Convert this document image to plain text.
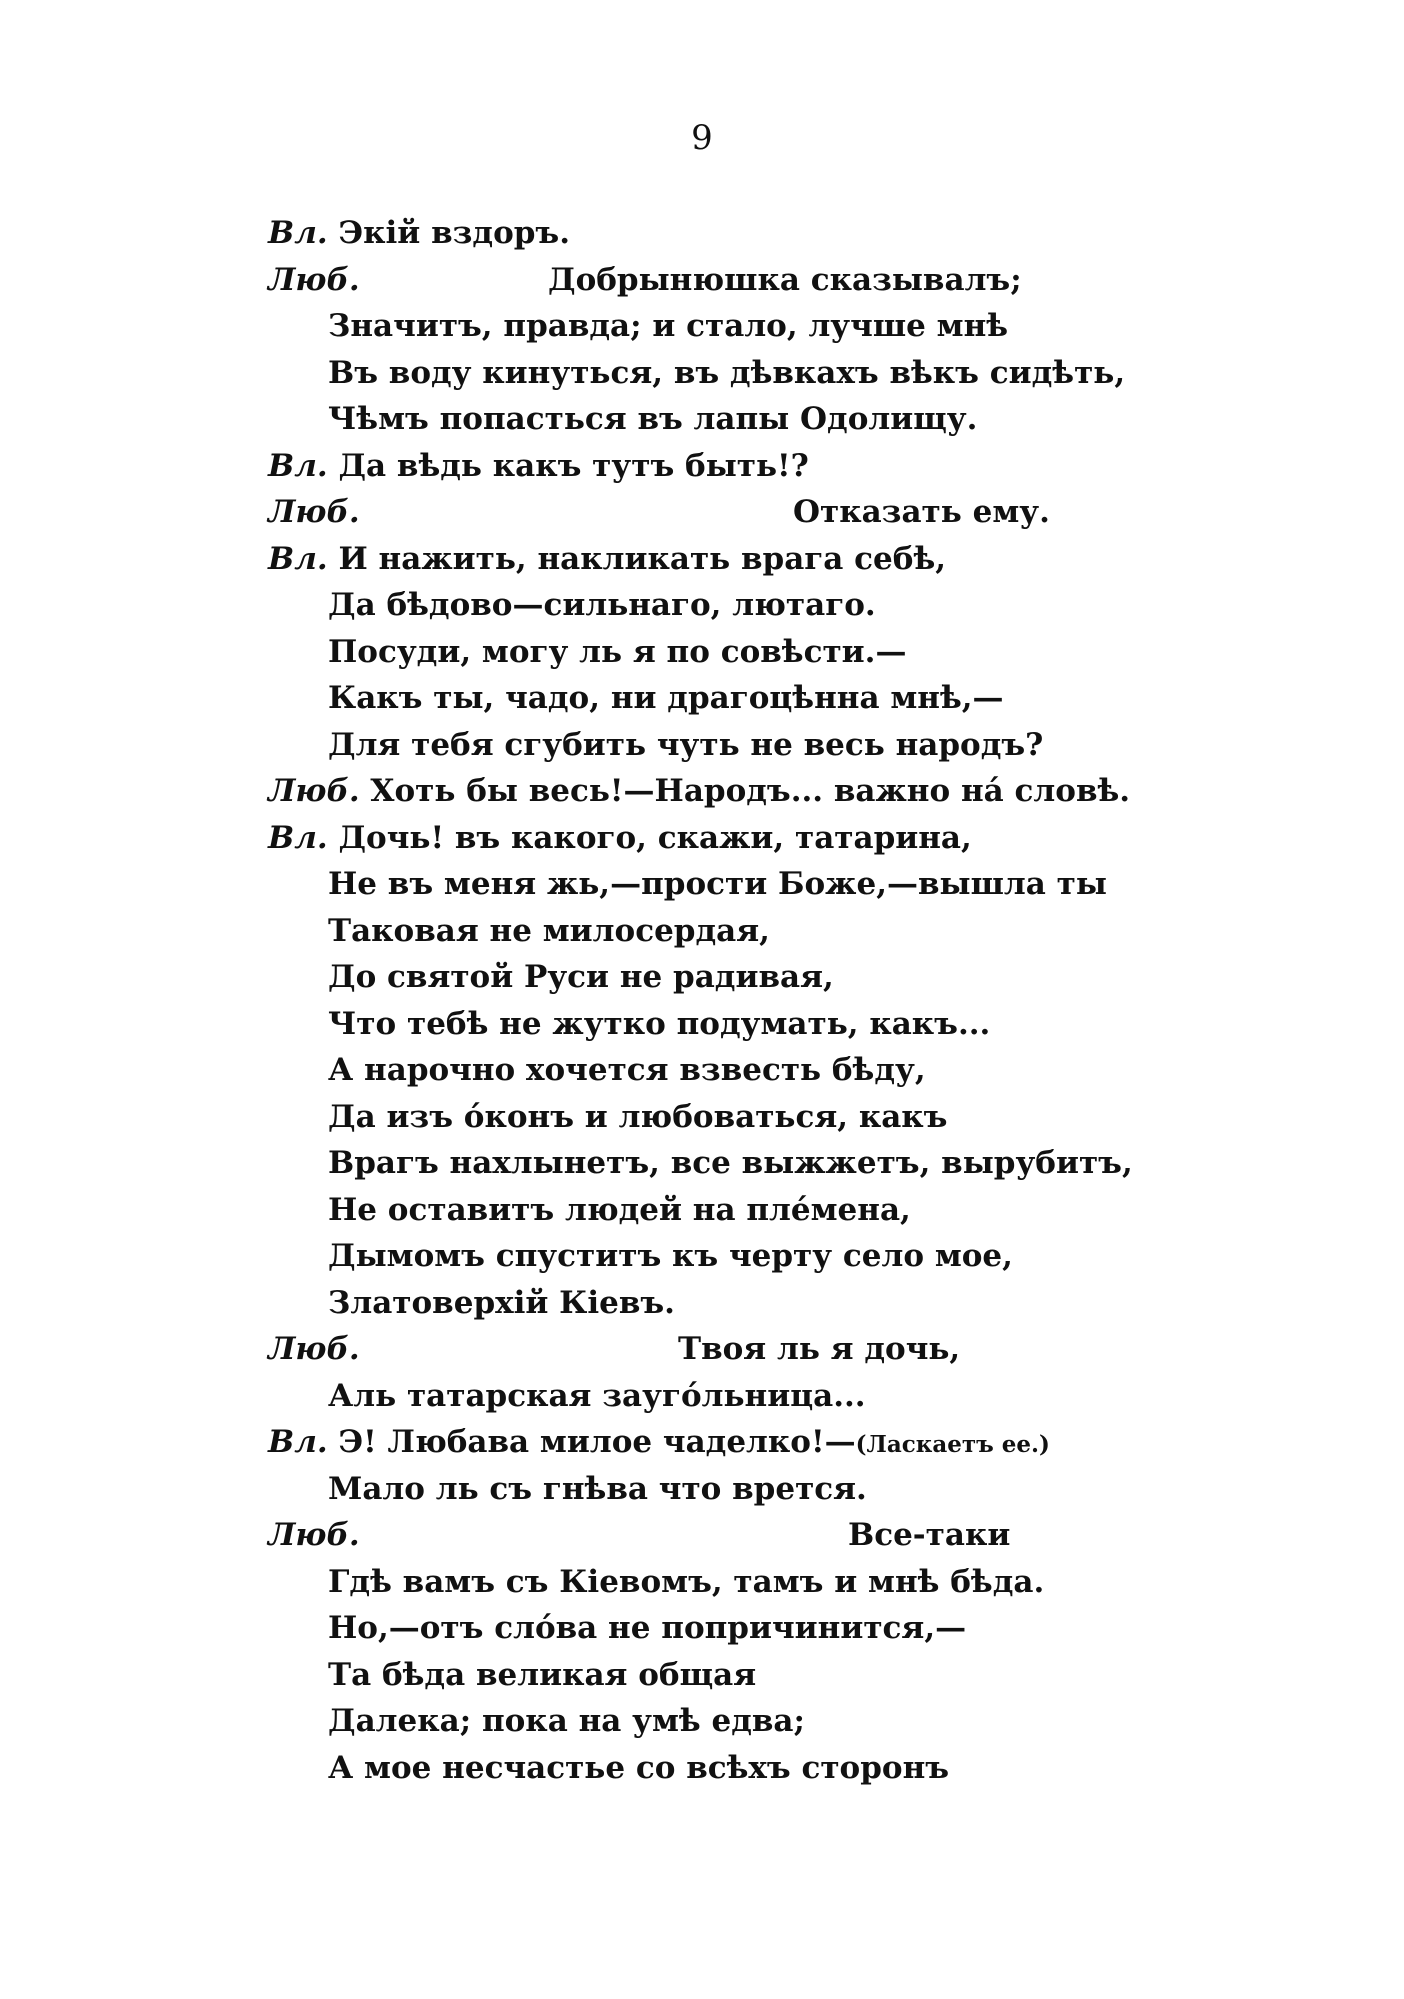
9
Вл. Экій вздоръ.
Люб.	Добрынюшка сказывалъ;
Значитъ, правда; и стало, лучше мнѣ
Въ воду кинуться, въ дѣвкахъ вѣкъ сидѣть,
Чѣмъ попасться въ лапы Одолищу.
Вл. Да вѣдь какъ тутъ быть!?
Люб.	Отказать ему.
Вл. И нажить, накликать врага себѣ,
Да бѣдово—сильнаго, лютаго.
Посуди, могу ль я по совѣсти.—
Какъ ты, чадо, ни драгоцѣнна мнѣ,—
Для тебя сгубить чуть не весь народъ?
Люб. Хоть бы весь!—Народъ... важно нá словѣ.
Вл. Дочь! въ какого, скажи, татарина,
Не въ меня жь,—прости Боже,—вышла ты
Таковая не милосердая,
До святой Руси не радивая,
Что тебѣ не жутко подумать, какъ...
А нарочно хочется взвесть бѣду,
Да изъ óконъ и любоваться, какъ
Врагъ нахлынетъ, все выжжетъ, вырубитъ,
Не оставитъ людей на плéмена,
Дымомъ спуститъ къ черту село мое,
Златоверхій Кіевъ.
Люб.	Твоя ль я дочь,
Аль татарская заугóльница...
Вл. Э! Любава милое чаделко!—(Ласкаетъ ее.)
Мало ль съ гнѣва что врется.
Люб.	Все-таки
Гдѣ вамъ съ Кіевомъ, тамъ и мнѣ бѣда.
Но,—отъ слóва не попричинится,—
Та бѣда великая общая
Далека; пока на умѣ едва;
А мое несчастье со всѣхъ сторонъ
